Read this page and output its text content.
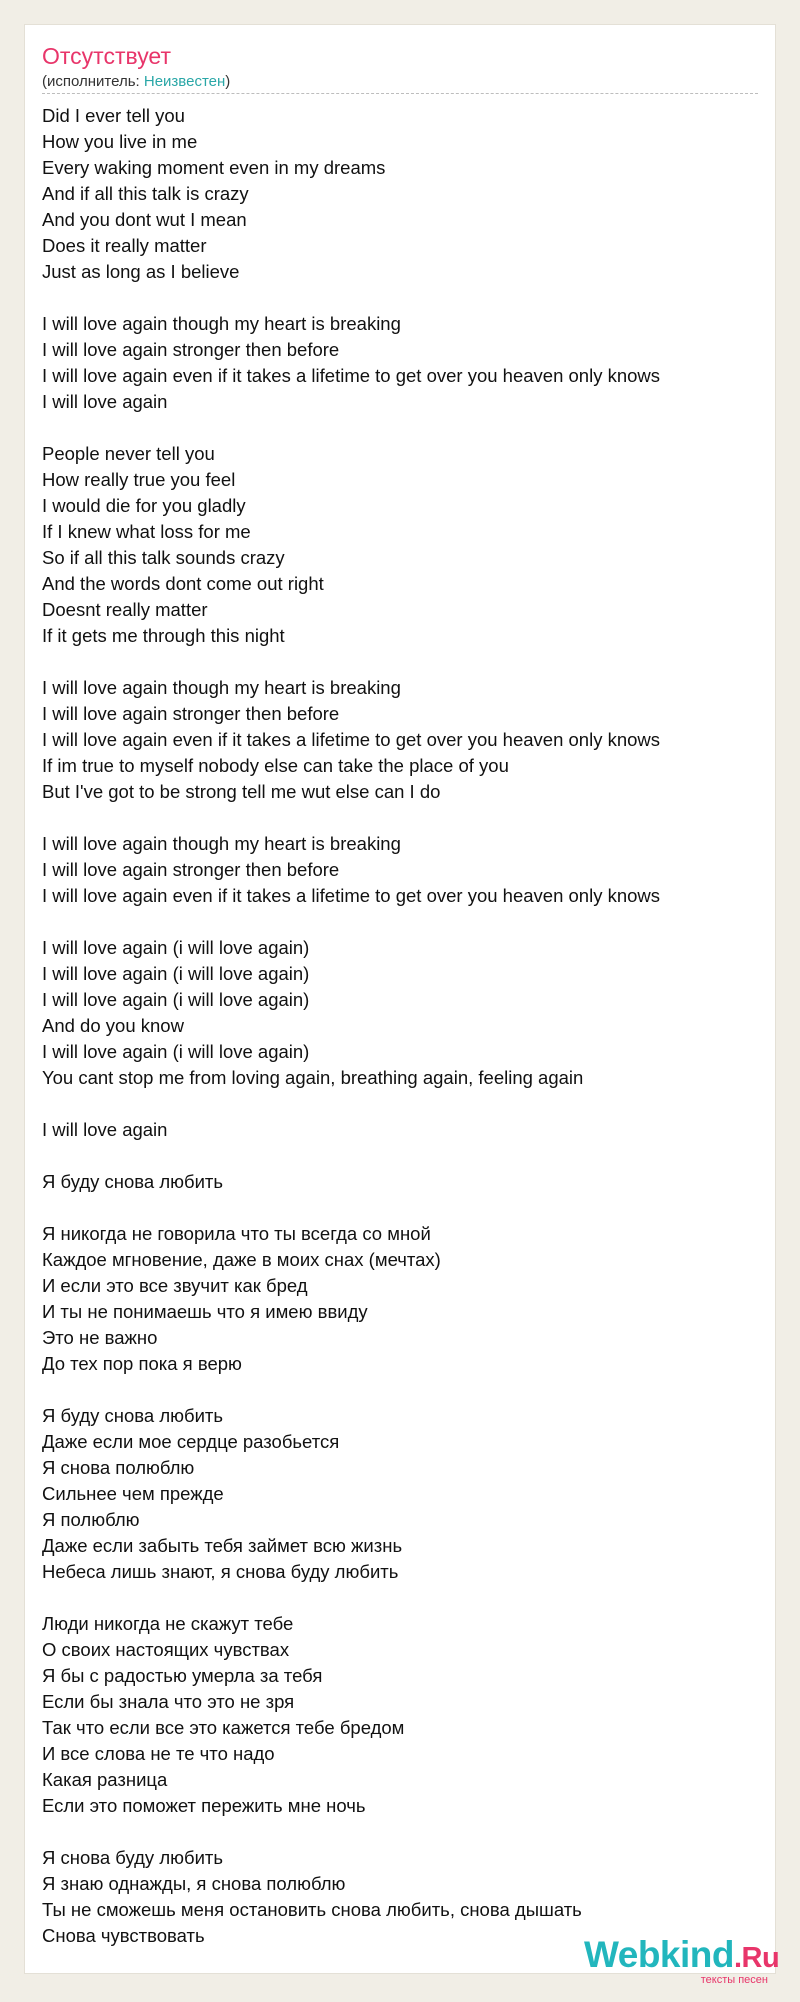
Отсутствует
(исполнитель: Неизвестен)
Did I ever tell you
How you live in me
Every waking moment even in my dreams
And if all this talk is crazy
And you dont wut I mean
Does it really matter
Just as long as I believe
I will love again though my heart is breaking
I will love again stronger then before
I will love again even if it takes a lifetime to get over you heaven only knows
I will love again
People never tell you
How really true you feel
I would die for you gladly
If I knew what loss for me
So if all this talk sounds crazy
And the words dont come out right
Doesnt really matter
If it gets me through this night
I will love again though my heart is breaking
I will love again stronger then before
I will love again even if it takes a lifetime to get over you heaven only knows
If im true to myself nobody else can take the place of you
But I've got to be strong tell me wut else can I do
I will love again though my heart is breaking
I will love again stronger then before
I will love again even if it takes a lifetime to get over you heaven only knows
I will love again (i will love again)
I will love again (i will love again)
I will love again (i will love again)
And do you know
I will love again (i will love again)
You cant stop me from loving again, breathing again, feeling again
I will love again
Я буду снова любить
Я никогда не говорила что ты всегда со мной
Каждое мгновение, даже в моих снах (мечтах)
И если это все звучит как бред
И ты не понимаешь что я имею ввиду
Это не важно
До тех пор пока я верю
Я буду снова любить
Даже если мое сердце разобьется
Я снова полюблю
Сильнее чем прежде
Я полюблю
Даже если забыть тебя займет всю жизнь
Небеса лишь знают, я снова буду любить
Люди никогда не скажут тебе
О своих настоящих чувствах
Я бы с радостью умерла за тебя
Если бы знала что это не зря
Так что если все это кажется тебе бредом
И все слова не те что надо
Какая разница
Если это поможет пережить мне ночь
Я снова буду любить
Я знаю однажды, я снова полюблю
Ты не сможешь меня остановить снова любить, снова дышать
Снова чувствовать	Webkind.Ru
тексты песен
